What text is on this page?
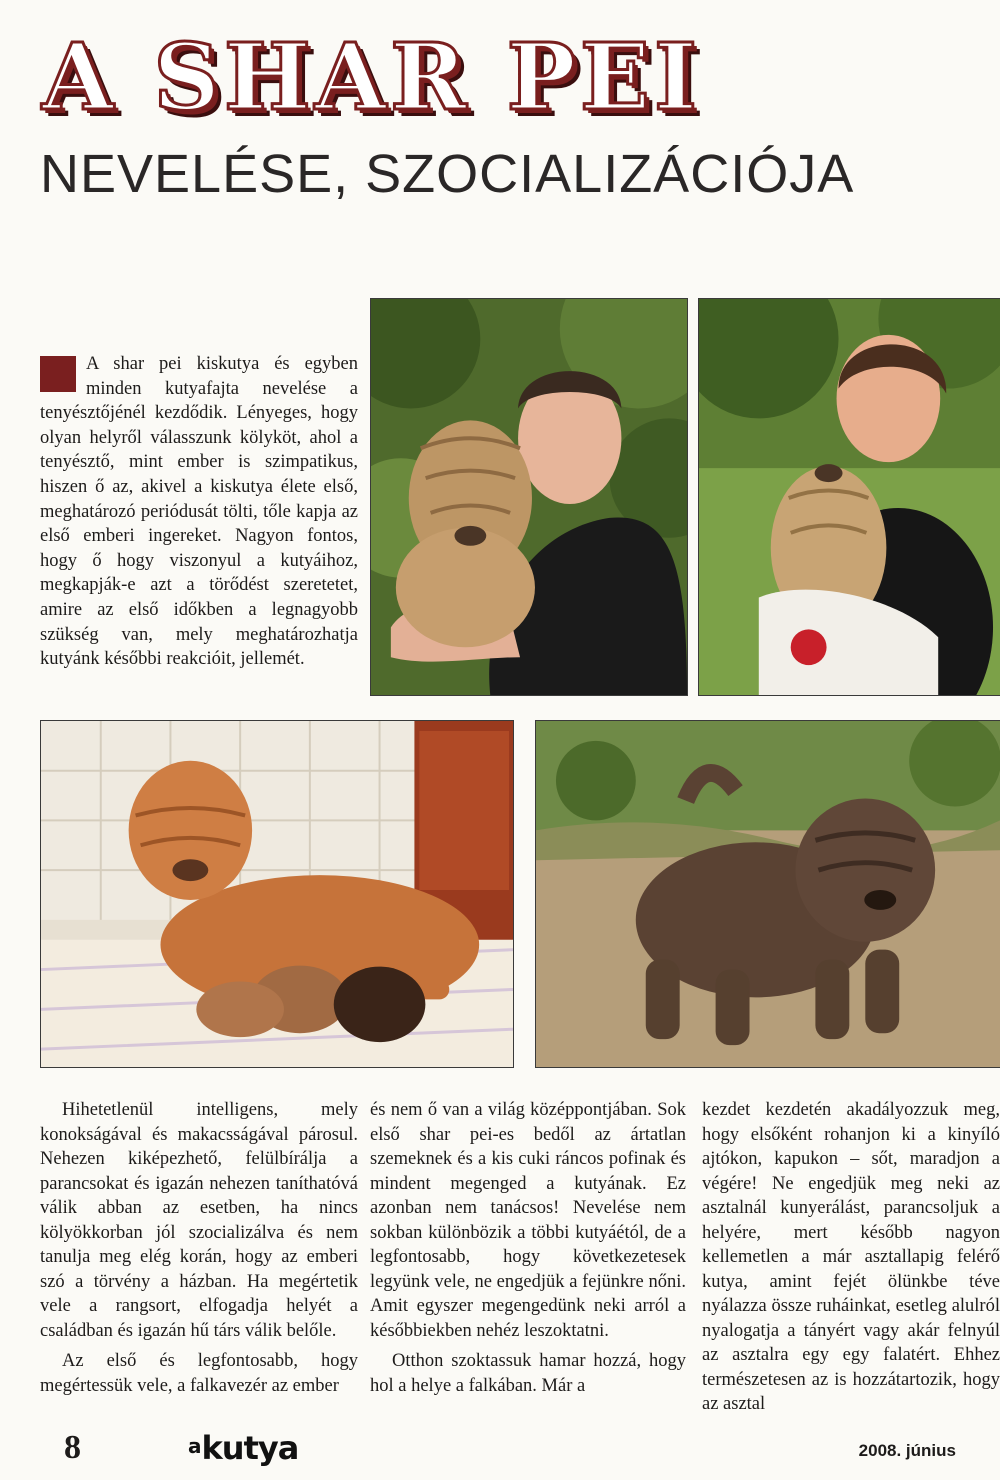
A SHAR PEI
NEVELÉSE, SZOCIALIZÁCIÓJA
A shar pei kiskutya és egyben minden kutyafajta nevelése a tenyésztőjénél kezdődik. Lényeges, hogy olyan helyről válasszunk kölyköt, ahol a tenyésztő, mint ember is szimpatikus, hiszen ő az, akivel a kiskutya élete első, meghatározó periódusát tölti, tőle kapja az első emberi ingereket. Nagyon fontos, hogy ő hogy viszonyul a kutyáihoz, megkapják-e azt a törődést szeretetet, amire az első időkben a legnagyobb szükség van, mely meghatározhatja kutyánk későbbi reakcióit, jellemét.

Hihetetlenül intelligens, mely konokságával és makacsságával párosul. Nehezen kiképezhető, felülbírálja a parancsokat és igazán nehezen taníthatóvá válik abban az esetben, ha nincs kölyökkorban jól szocializálva és nem tanulja meg elég korán, hogy az emberi szó a törvény a házban. Ha megértetik vele a rangsort, elfogadja helyét a családban és igazán hű társ válik belőle.

Az első és legfontosabb, hogy megértessük vele, a falkavezér az ember

és nem ő van a világ középpontjában. Sok első shar pei-es bedől az ártatlan szemeknek és a kis cuki ráncos pofinak és mindent megenged a kutyának. Ez azonban nem tanácsos! Nevelése nem sokban különbözik a többi kutyáétól, de a legfontosabb, hogy következetesek legyünk vele, ne engedjük a fejünkre nőni. Amit egyszer megengedünk neki arról a későbbiekben nehéz leszoktatni.

Otthon szoktassuk hamar hozzá, hogy hol a helye a falkában. Már a

kezdet kezdetén akadályozzuk meg, hogy elsőként rohanjon ki a kinyíló ajtókon, kapukon – sőt, maradjon a végére! Ne engedjük meg neki az asztalnál kunyerálást, parancsoljuk a helyére, mert később nagyon kellemetlen a már asztallapig felérő kutya, amint fejét ölünkbe téve nyálazza össze ruháinkat, esetleg alulról nyalogatja a tányért vagy akár felnyúl az asztalra egy egy falatért. Ehhez természetesen az is hozzátartozik, hogy az asztal

8	akutya	2008. június
